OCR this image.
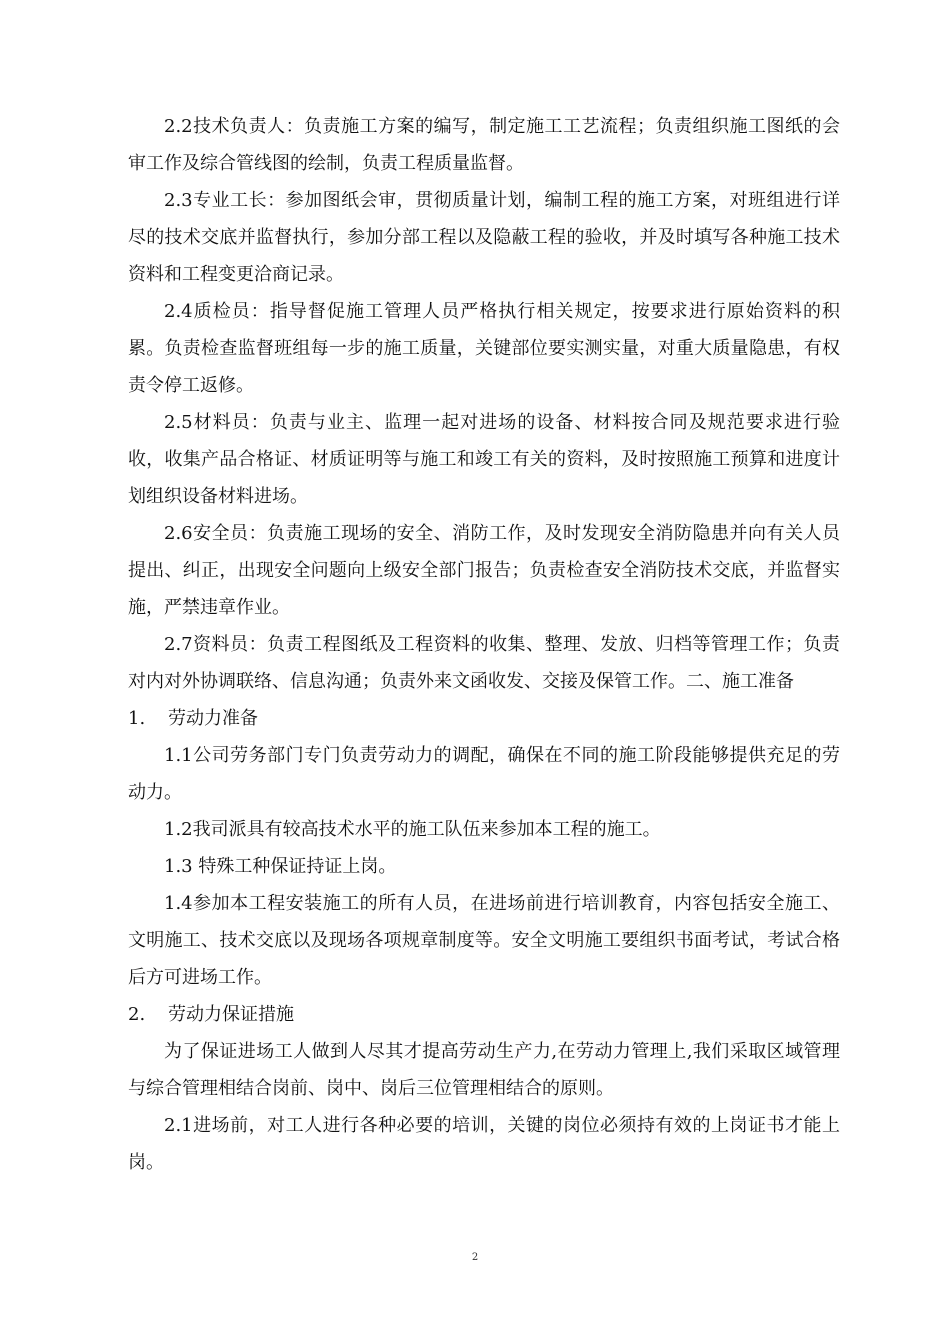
2.2技术负责人：负责施工方案的编写，制定施工工艺流程；负责组织施工图纸的会审工作及综合管线图的绘制，负责工程质量监督。

2.3专业工长：参加图纸会审，贯彻质量计划，编制工程的施工方案，对班组进行详尽的技术交底并监督执行，参加分部工程以及隐蔽工程的验收，并及时填写各种施工技术资料和工程变更洽商记录。

2.4质检员：指导督促施工管理人员严格执行相关规定，按要求进行原始资料的积累。负责检查监督班组每一步的施工质量，关键部位要实测实量，对重大质量隐患，有权责令停工返修。

2.5材料员：负责与业主、监理一起对进场的设备、材料按合同及规范要求进行验收，收集产品合格证、材质证明等与施工和竣工有关的资料，及时按照施工预算和进度计划组织设备材料进场。

2.6安全员：负责施工现场的安全、消防工作，及时发现安全消防隐患并向有关人员提出、纠正，出现安全问题向上级安全部门报告；负责检查安全消防技术交底，并监督实施，严禁违章作业。

2.7资料员：负责工程图纸及工程资料的收集、整理、发放、归档等管理工作；负责对内对外协调联络、信息沟通；负责外来文函收发、交接及保管工作。二、施工准备

1. 劳动力准备

1.1公司劳务部门专门负责劳动力的调配，确保在不同的施工阶段能够提供充足的劳动力。

1.2我司派具有较高技术水平的施工队伍来参加本工程的施工。

1.3 特殊工种保证持证上岗。

1.4参加本工程安装施工的所有人员，在进场前进行培训教育，内容包括安全施工、文明施工、技术交底以及现场各项规章制度等。安全文明施工要组织书面考试，考试合格后方可进场工作。

2. 劳动力保证措施

为了保证进场工人做到人尽其才提高劳动生产力,在劳动力管理上,我们采取区域管理与综合管理相结合岗前、岗中、岗后三位管理相结合的原则。

2.1进场前，对工人进行各种必要的培训，关键的岗位必须持有效的上岗证书才能上岗。

2
